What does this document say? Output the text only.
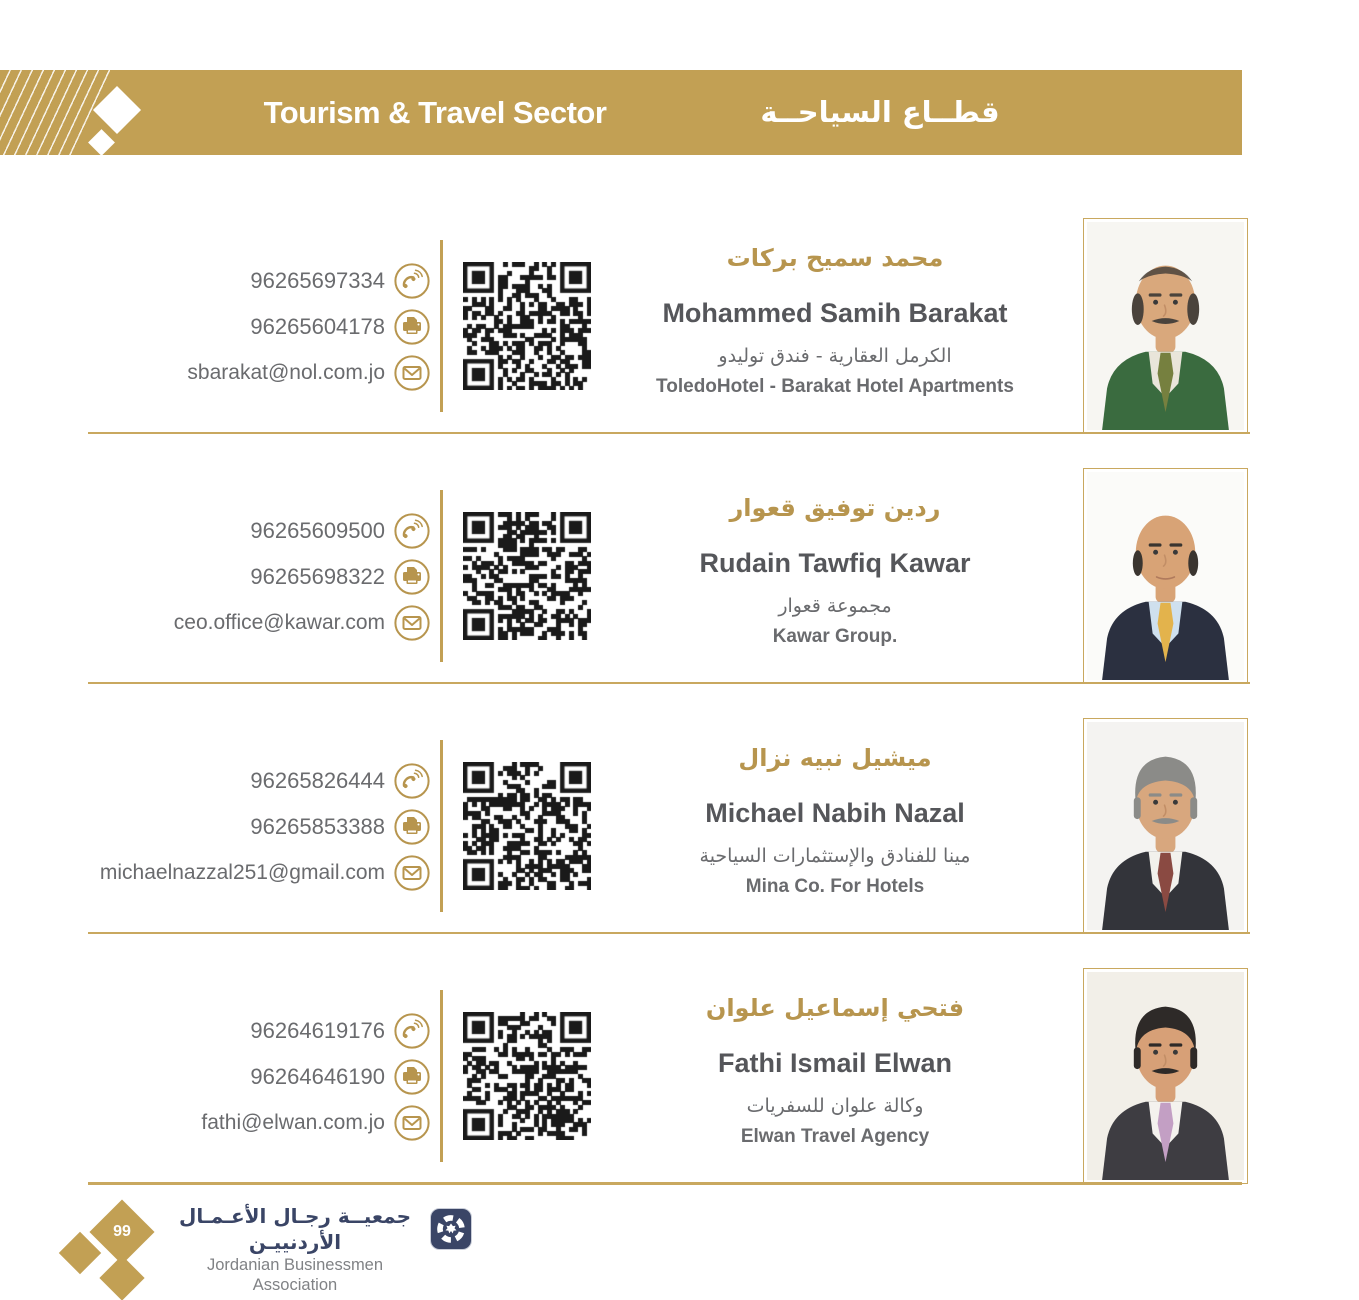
Tourism & Travel Sector	قطــاع السياحــة والسفــر
96265697334
96265604178
sbarakat@nol.com.jo
محمد سميح بركات
Mohammed Samih Barakat
الكرمل العقارية - فندق توليدو
ToledoHotel - Barakat Hotel Apartments
96265609500
96265698322
ceo.office@kawar.com
ردين توفيق قعوار
Rudain Tawfiq Kawar
مجموعة قعوار
Kawar Group.
96265826444
96265853388
michaelnazzal251@gmail.com
ميشيل نبيه نزال
Michael Nabih Nazal
مينا للفنادق والإستثمارات السياحية
Mina Co. For Hotels
96264619176
96264646190
fathi@elwan.com.jo
فتحي إسماعيل علوان
Fathi Ismail Elwan
وكالة علوان للسفريات
Elwan Travel Agency
99
جمعيــة رجـال الأعـمـال الأردنييـن
Jordanian Businessmen Association
